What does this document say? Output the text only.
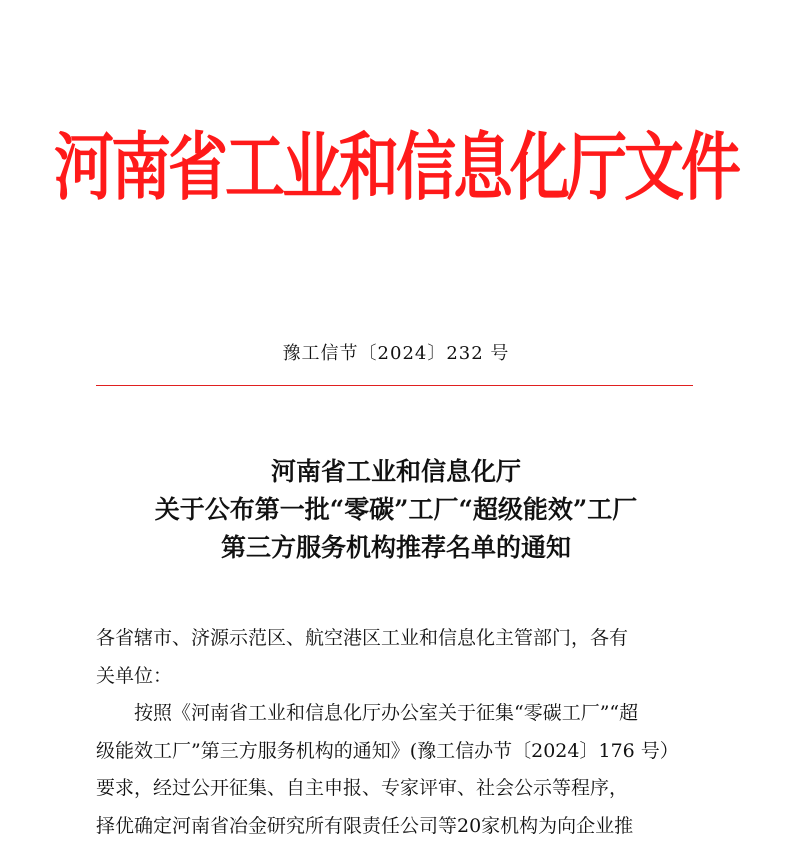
河南省工业和信息化厅文件
豫工信节〔2024〕232 号
河南省工业和信息化厅
关于公布第一批“零碳”工厂“超级能效”工厂
第三方服务机构推荐名单的通知
各省辖市、济源示范区、航空港区工业和信息化主管部门，各有
关单位：
按照《河南省工业和信息化厅办公室关于征集“零碳工厂”“超
级能效工厂”第三方服务机构的通知》(豫工信办节〔2024〕176 号）
要求，经过公开征集、自主申报、专家评审、社会公示等程序，
择优确定河南省冶金研究所有限责任公司等20家机构为向企业推
